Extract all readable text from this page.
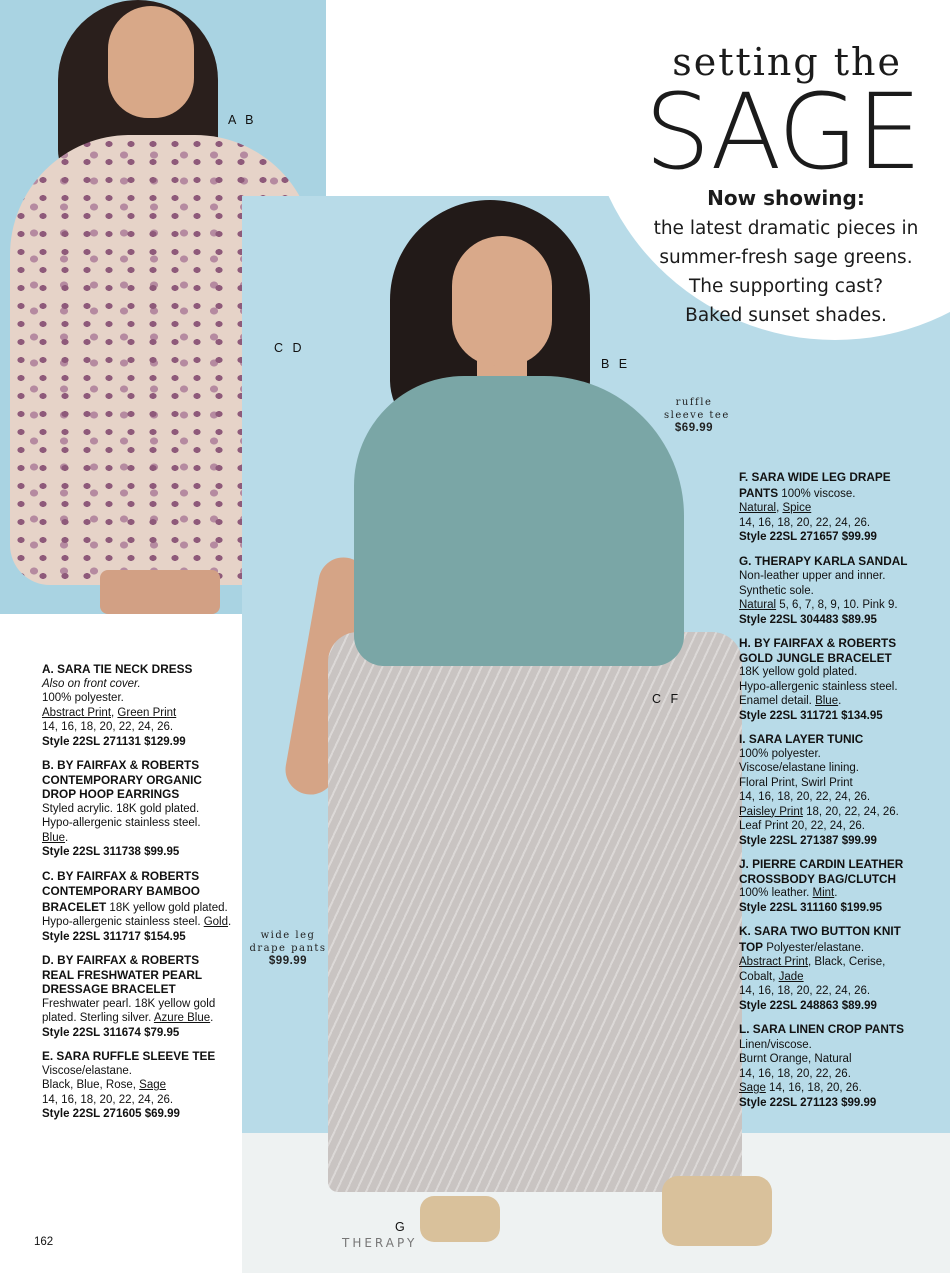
setting the
SAGE
Now showing:
the latest dramatic pieces in
summer-fresh sage greens.
The supporting cast?
Baked sunset shades.
A B
C D
B E
C F
G
ruffle
sleeve tee
$69.99
wide leg
drape pants
$99.99
A. SARA TIE NECK DRESS
Also on front cover.
100% polyester.
Abstract Print, Green Print
14, 16, 18, 20, 22, 24, 26.
Style 22SL 271131 $129.99
B. BY FAIRFAX & ROBERTS CONTEMPORARY ORGANIC DROP HOOP EARRINGS
Styled acrylic. 18K gold plated.
Hypo-allergenic stainless steel.
Blue.
Style 22SL 311738 $99.95
C. BY FAIRFAX & ROBERTS CONTEMPORARY BAMBOO BRACELET 18K yellow gold plated. Hypo-allergenic stainless steel. Gold.
Style 22SL 311717 $154.95
D. BY FAIRFAX & ROBERTS REAL FRESHWATER PEARL DRESSAGE BRACELET
Freshwater pearl. 18K yellow gold plated. Sterling silver. Azure Blue.
Style 22SL 311674 $79.95
E. SARA RUFFLE SLEEVE TEE
Viscose/elastane.
Black, Blue, Rose, Sage
14, 16, 18, 20, 22, 24, 26.
Style 22SL 271605 $69.99
F. SARA WIDE LEG DRAPE PANTS 100% viscose.
Natural, Spice
14, 16, 18, 20, 22, 24, 26.
Style 22SL 271657 $99.99
G. THERAPY KARLA SANDAL Non-leather upper and inner. Synthetic sole.
Natural 5, 6, 7, 8, 9, 10. Pink 9.
Style 22SL 304483 $89.95
H. BY FAIRFAX & ROBERTS GOLD JUNGLE BRACELET
18K yellow gold plated.
Hypo-allergenic stainless steel.
Enamel detail. Blue.
Style 22SL 311721 $134.95
I. SARA LAYER TUNIC
100% polyester.
Viscose/elastane lining.
Floral Print, Swirl Print
14, 16, 18, 20, 22, 24, 26.
Paisley Print 18, 20, 22, 24, 26.
Leaf Print 20, 22, 24, 26.
Style 22SL 271387 $99.99
J. PIERRE CARDIN LEATHER CROSSBODY BAG/CLUTCH
100% leather. Mint.
Style 22SL 311160 $199.95
K. SARA TWO BUTTON KNIT TOP Polyester/elastane.
Abstract Print, Black, Cerise, Cobalt, Jade
14, 16, 18, 20, 22, 24, 26.
Style 22SL 248863 $89.99
L. SARA LINEN CROP PANTS Linen/viscose.
Burnt Orange, Natural
14, 16, 18, 20, 22, 26.
Sage 14, 16, 18, 20, 26.
Style 22SL 271123 $99.99
THERAPY
162
